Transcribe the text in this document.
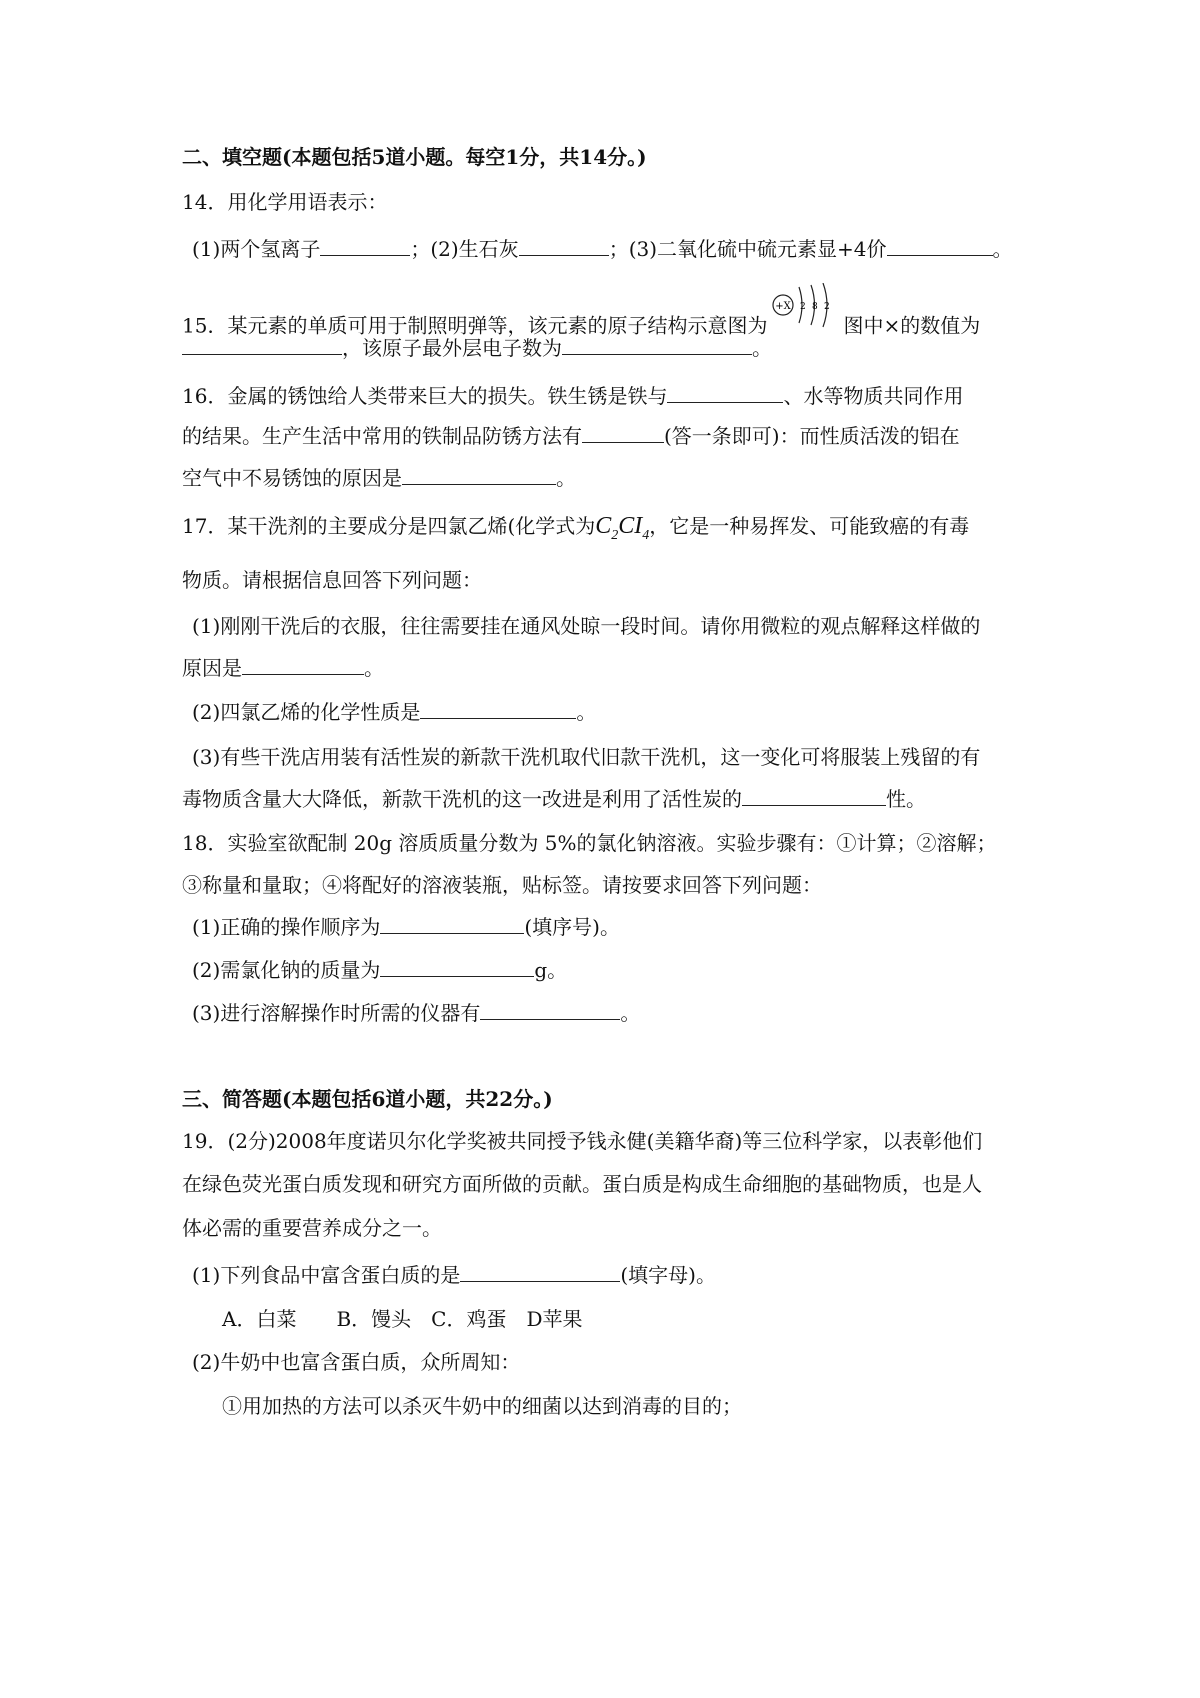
二、填空题(本题包括5道小题。每空1分，共14分。)
14．用化学用语表示：
(1)两个氢离子	；(2)生石灰	；(3)二氧化硫中硫元素显+4价	。
15．某元素的单质可用于制照明弹等，该元素的原子结构示意图为
+X 2 8 2
图中×的数值为
，该原子最外层电子数为	。
16．金属的锈蚀给人类带来巨大的损失。铁生锈是铁与	、水等物质共同作用
的结果。生产生活中常用的铁制品防锈方法有	(答一条即可)：而性质活泼的铝在
空气中不易锈蚀的原因是	。
17．某干洗剂的主要成分是四氯乙烯(化学式为$C_2CI_4$，它是一种易挥发、可能致癌的有毒
物质。请根据信息回答下列问题：
(1)刚刚干洗后的衣服，往往需要挂在通风处晾一段时间。请你用微粒的观点解释这样做的
原因是	。
(2)四氯乙烯的化学性质是	。
(3)有些干洗店用装有活性炭的新款干洗机取代旧款干洗机，这一变化可将服装上残留的有
毒物质含量大大降低，新款干洗机的这一改进是利用了活性炭的	性。
18．实验室欲配制 20g 溶质质量分数为 5%的氯化钠溶液。实验步骤有：①计算；②溶解；
③称量和量取；④将配好的溶液装瓶，贴标签。请按要求回答下列问题：
(1)正确的操作顺序为	(填序号)。
(2)需氯化钠的质量为	g。
(3)进行溶解操作时所需的仪器有	。
三、简答题(本题包括6道小题，共22分。)
19．(2分)2008年度诺贝尔化学奖被共同授予钱永健(美籍华裔)等三位科学家，以表彰他们
在绿色荧光蛋白质发现和研究方面所做的贡献。蛋白质是构成生命细胞的基础物质，也是人
体必需的重要营养成分之一。
(1)下列食品中富含蛋白质的是	(填字母)。
A．白菜　　B．馒头　C．鸡蛋　D苹果
(2)牛奶中也富含蛋白质，众所周知：
①用加热的方法可以杀灭牛奶中的细菌以达到消毒的目的；
